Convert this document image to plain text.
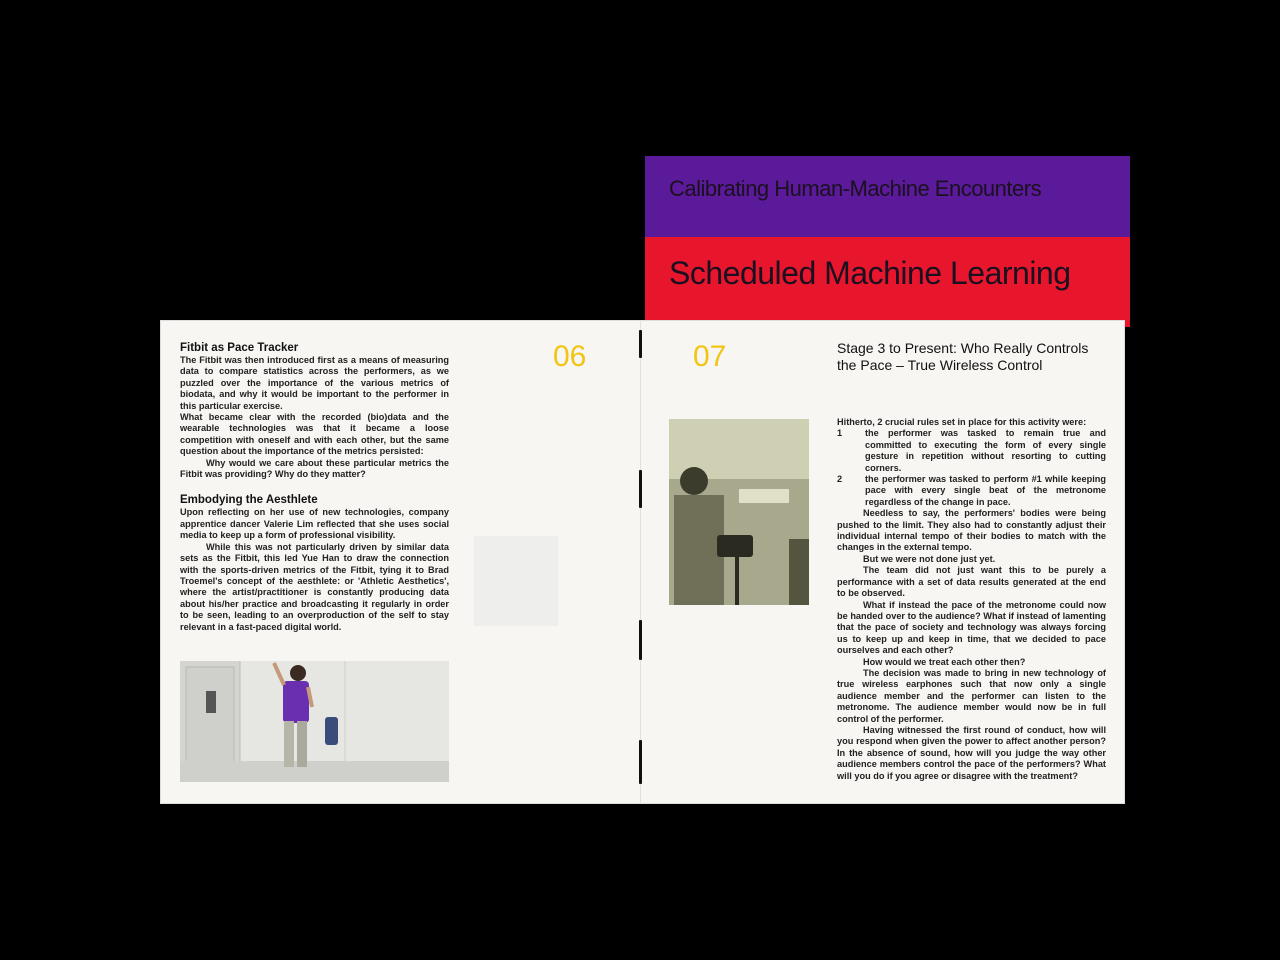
Calibrating Human-Machine Encounters
Scheduled Machine Learning
06
Fitbit as Pace Tracker

The Fitbit was then introduced first as a means of measuring data to compare statistics across the performers, as we puzzled over the importance of the various metrics of biodata, and why it would be important to the performer in this particular exercise.

What became clear with the recorded (bio)data and the wearable technologies was that it became a loose competition with oneself and with each other, but the same question about the importance of the metrics persisted:

Why would we care about these particular metrics the Fitbit was providing? Why do they matter?

Embodying the Aesthlete

Upon reflecting on her use of new technologies, company apprentice dancer Valerie Lim reflected that she uses social media to keep up a form of professional visibility.

While this was not particularly driven by similar data sets as the Fitbit, this led Yue Han to draw the connection with the sports-driven metrics of the Fitbit, tying it to Brad Troemel's concept of the aesthlete: or 'Athletic Aesthetics', where the artist/practitioner is constantly producing data about his/her practice and broadcasting it regularly in order to be seen, leading to an overproduction of the self to stay relevant in a fast-paced digital world.

07	Stage 3 to Present: Who Really Controls the Pace – True Wireless Control

Hitherto, 2 crucial rules set in place for this activity were:

1	the performer was tasked to remain true and committed to executing the form of every single gesture in repetition without resorting to cutting corners.
2	the performer was tasked to perform #1 while keeping pace with every single beat of the metronome regardless of the change in pace.

Needless to say, the performers' bodies were being pushed to the limit. They also had to constantly adjust their individual internal tempo of their bodies to match with the changes in the external tempo.

But we were not done just yet.

The team did not just want this to be purely a performance with a set of data results generated at the end to be observed.

What if instead the pace of the metronome could now be handed over to the audience? What if instead of lamenting that the pace of society and technology was always forcing us to keep up and keep in time, that we decided to pace ourselves and each other?

How would we treat each other then?

The decision was made to bring in new technology of true wireless earphones such that now only a single audience member and the performer can listen to the metronome. The audience member would now be in full control of the performer.

Having witnessed the first round of conduct, how will you respond when given the power to affect another person? In the absence of sound, how will you judge the way other audience members control the pace of the performers? What will you do if you agree or disagree with the treatment?
